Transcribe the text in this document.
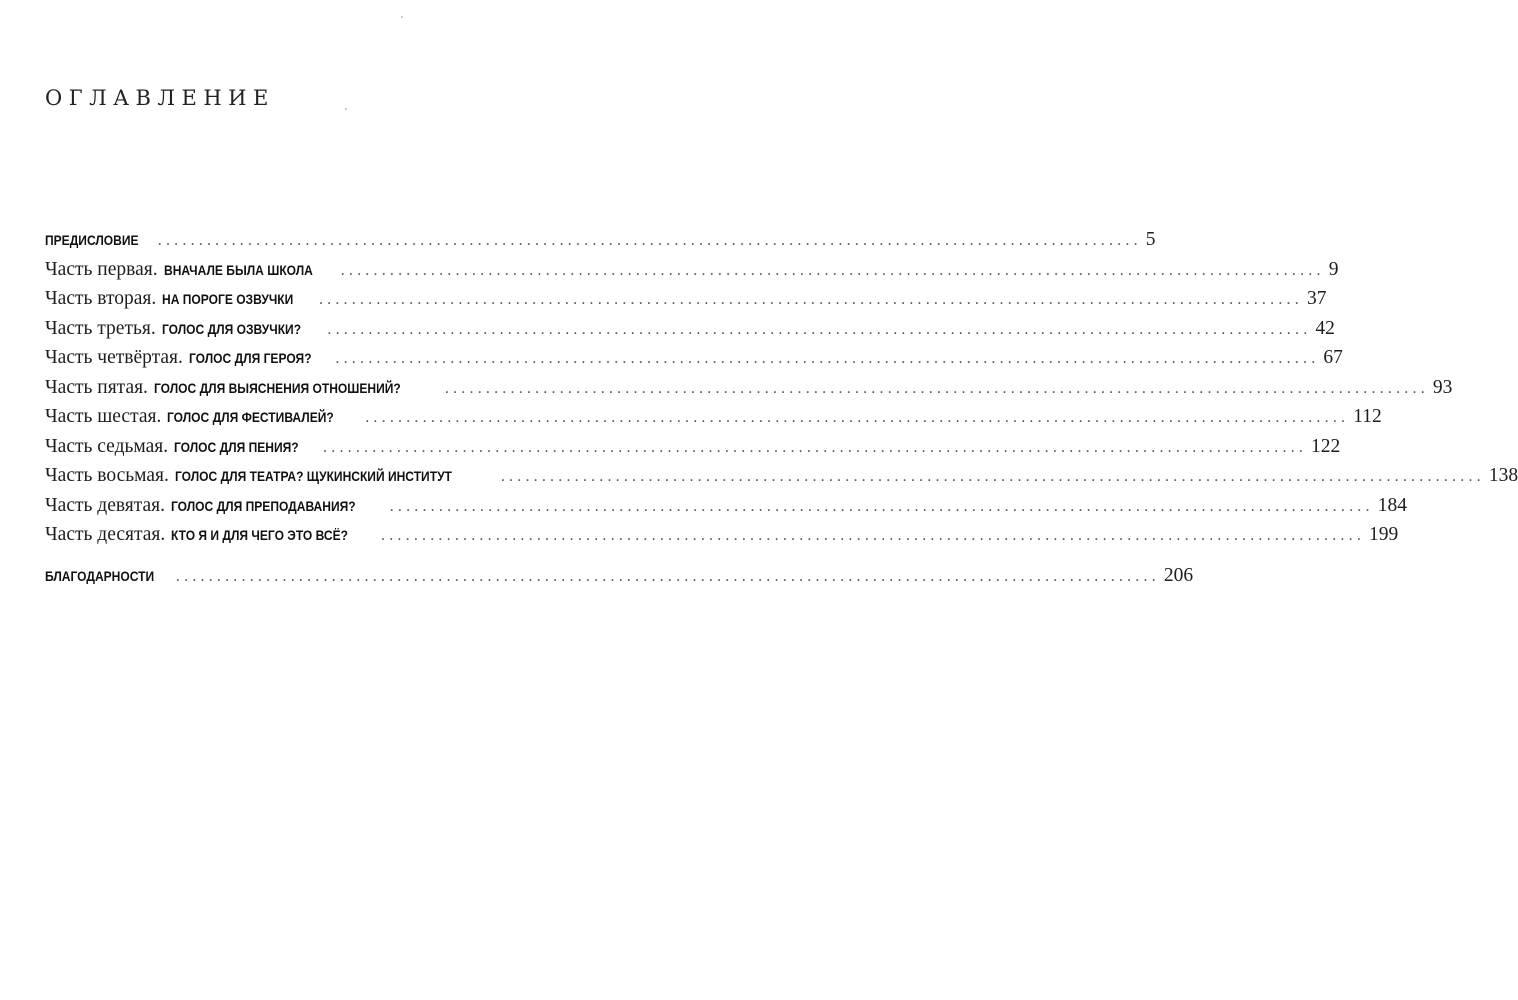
ОГЛАВЛЕНИЕ
ПРЕДИСЛОВИЕ ........................................................................................................................ 5
Часть первая. ВНАЧАЛЕ БЫЛА ШКОЛА ........................................................................................................................ 9
Часть вторая. НА ПОРОГЕ ОЗВУЧКИ ........................................................................................................................ 37
Часть третья. ГОЛОС ДЛЯ ОЗВУЧКИ? ........................................................................................................................ 42
Часть четвёртая. ГОЛОС ДЛЯ ГЕРОЯ? ........................................................................................................................ 67
Часть пятая. ГОЛОС ДЛЯ ВЫЯСНЕНИЯ ОТНОШЕНИЙ?	........................................................................................................................ 93
Часть шестая. ГОЛОС ДЛЯ ФЕСТИВАЛЕЙ? ........................................................................................................................ 112
Часть седьмая. ГОЛОС ДЛЯ ПЕНИЯ? ........................................................................................................................ 122
Часть восьмая. ГОЛОС ДЛЯ ТЕАТРА? ЩУКИНСКИЙ ИНСТИТУТ	........................................................................................................................ 138
Часть девятая. ГОЛОС ДЛЯ ПРЕПОДАВАНИЯ? ........................................................................................................................ 184
Часть десятая. КТО Я И ДЛЯ ЧЕГО ЭТО ВСЁ? ........................................................................................................................ 199
БЛАГОДАРНОСТИ ........................................................................................................................ 206
